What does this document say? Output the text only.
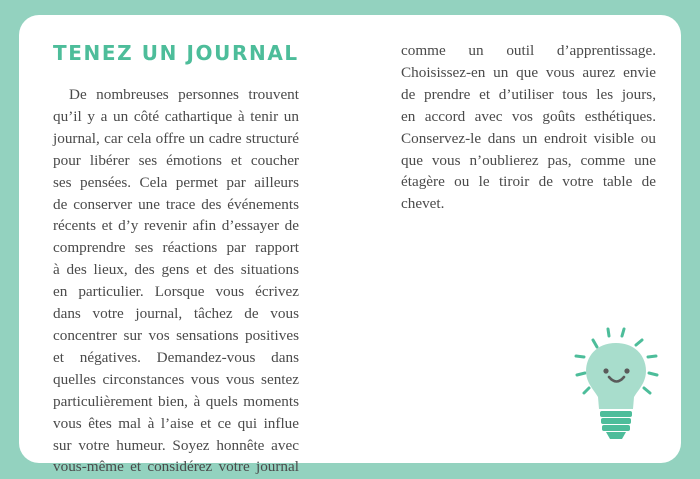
TENEZ UN JOURNAL
De nombreuses personnes trouvent
qu’il y a un côté cathartique à tenir un
journal, car cela offre un cadre structuré
pour libérer ses émotions et coucher
ses pensées. Cela permet par ailleurs
de conserver une trace des événements
récents et d’y revenir afin d’essayer de
comprendre ses réactions par rapport
à des lieux, des gens et des situations
en particulier. Lorsque vous écrivez
dans votre journal, tâchez de vous
concentrer sur vos sensations positives
et négatives. Demandez-vous dans
quelles circonstances vous vous sentez
particulièrement bien, à quels moments
vous êtes mal à l’aise et ce qui influe
sur votre humeur. Soyez honnête avec
vous-même et considérez votre journal
comme un outil d’apprentissage.
Choisissez-en un que vous aurez envie
de prendre et d’utiliser tous les jours,
en accord avec vos goûts esthétiques.
Conservez-le dans un endroit visible ou
que vous n’oublierez pas, comme une
étagère ou le tiroir de votre table de
chevet.
